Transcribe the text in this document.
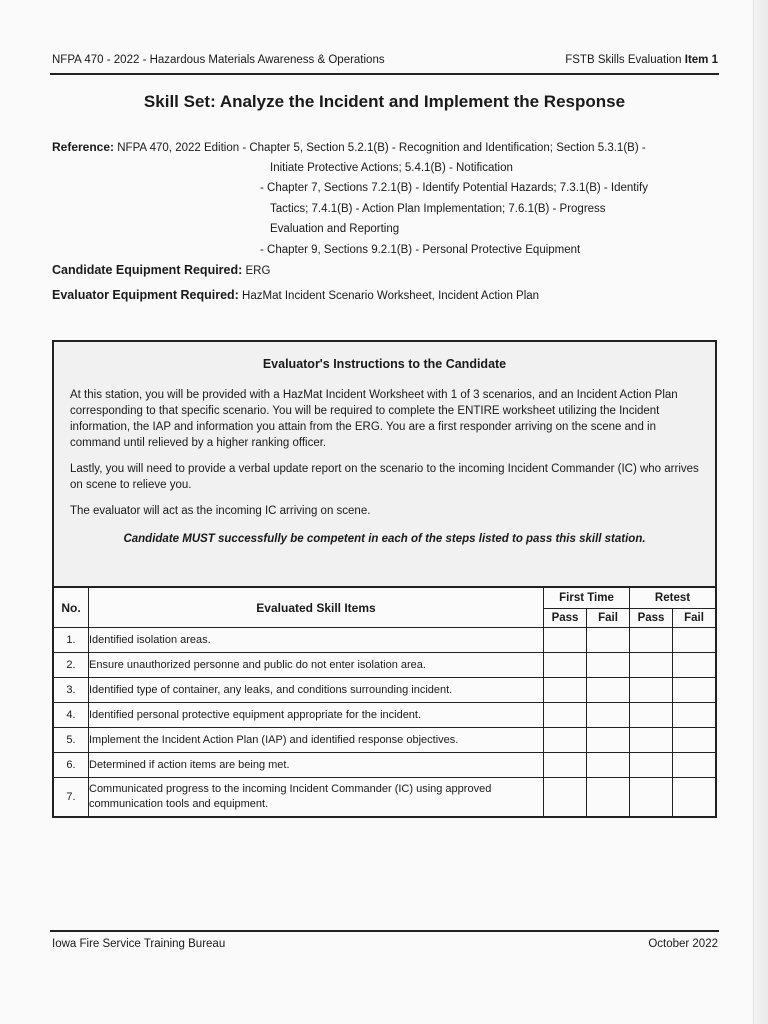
NFPA 470 - 2022 - Hazardous Materials Awareness & Operations	FSTB Skills Evaluation Item 1
Skill Set: Analyze the Incident and Implement the Response
Reference: NFPA 470, 2022 Edition - Chapter 5, Section 5.2.1(B) - Recognition and Identification; Section 5.3.1(B) -
Initiate Protective Actions; 5.4.1(B) - Notification
- Chapter 7, Sections 7.2.1(B) - Identify Potential Hazards; 7.3.1(B) - Identify
Tactics; 7.4.1(B) - Action Plan Implementation; 7.6.1(B) - Progress
Evaluation and Reporting
- Chapter 9, Sections 9.2.1(B) - Personal Protective Equipment
Candidate Equipment Required: ERG
Evaluator Equipment Required: HazMat Incident Scenario Worksheet, Incident Action Plan
Evaluator's Instructions to the Candidate

At this station, you will be provided with a HazMat Incident Worksheet with 1 of 3 scenarios, and an Incident Action Plan corresponding to that specific scenario. You will be required to complete the ENTIRE worksheet utilizing the Incident information, the IAP and information you attain from the ERG. You are a first responder arriving on the scene and in command until relieved by a higher ranking officer.

Lastly, you will need to provide a verbal update report on the scenario to the incoming Incident Commander (IC) who arrives on scene to relieve you.

The evaluator will act as the incoming IC arriving on scene.

Candidate MUST successfully be competent in each of the steps listed to pass this skill station.
No.	Evaluated Skill Items	First Time		Retest	
		Pass	Fail	Pass	Fail
1.	Identified isolation areas.				
2.	Ensure unauthorized personne and public do not enter isolation area.				
3.	Identified type of container, any leaks, and conditions surrounding incident.				
4.	Identified personal protective equipment appropriate for the incident.				
5.	Implement the Incident Action Plan (IAP) and identified response objectives.				
6.	Determined if action items are being met.				
7.	Communicated progress to the incoming Incident Commander (IC) using approved communication tools and equipment.				
Iowa Fire Service Training Bureau	October 2022
